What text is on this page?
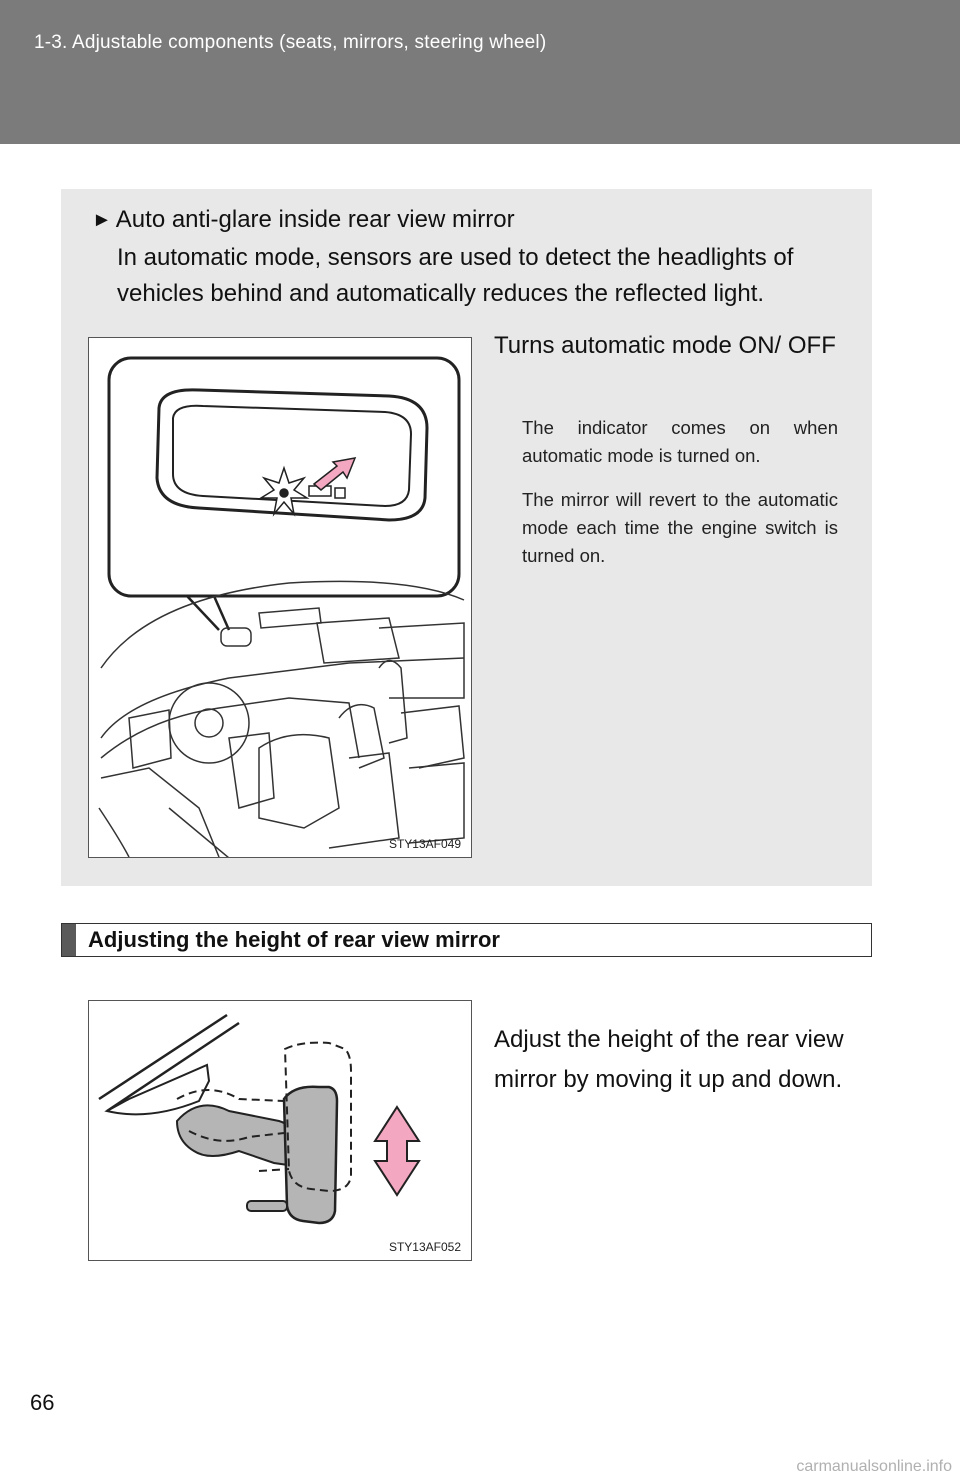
1-3. Adjustable components (seats, mirrors, steering wheel)
► Auto anti-glare inside rear view mirror
In automatic mode, sensors are used to detect the headlights of vehicles behind and automatically reduces the reflected light.
STY13AF049
Turns automatic mode ON/ OFF
The indicator comes on when automatic mode is turned on.
The mirror will revert to the automatic mode each time the engine switch is turned on.
Adjusting the height of rear view mirror
STY13AF052
Adjust the height of the rear view mirror by moving it up and down.
66
carmanualsonline.info
